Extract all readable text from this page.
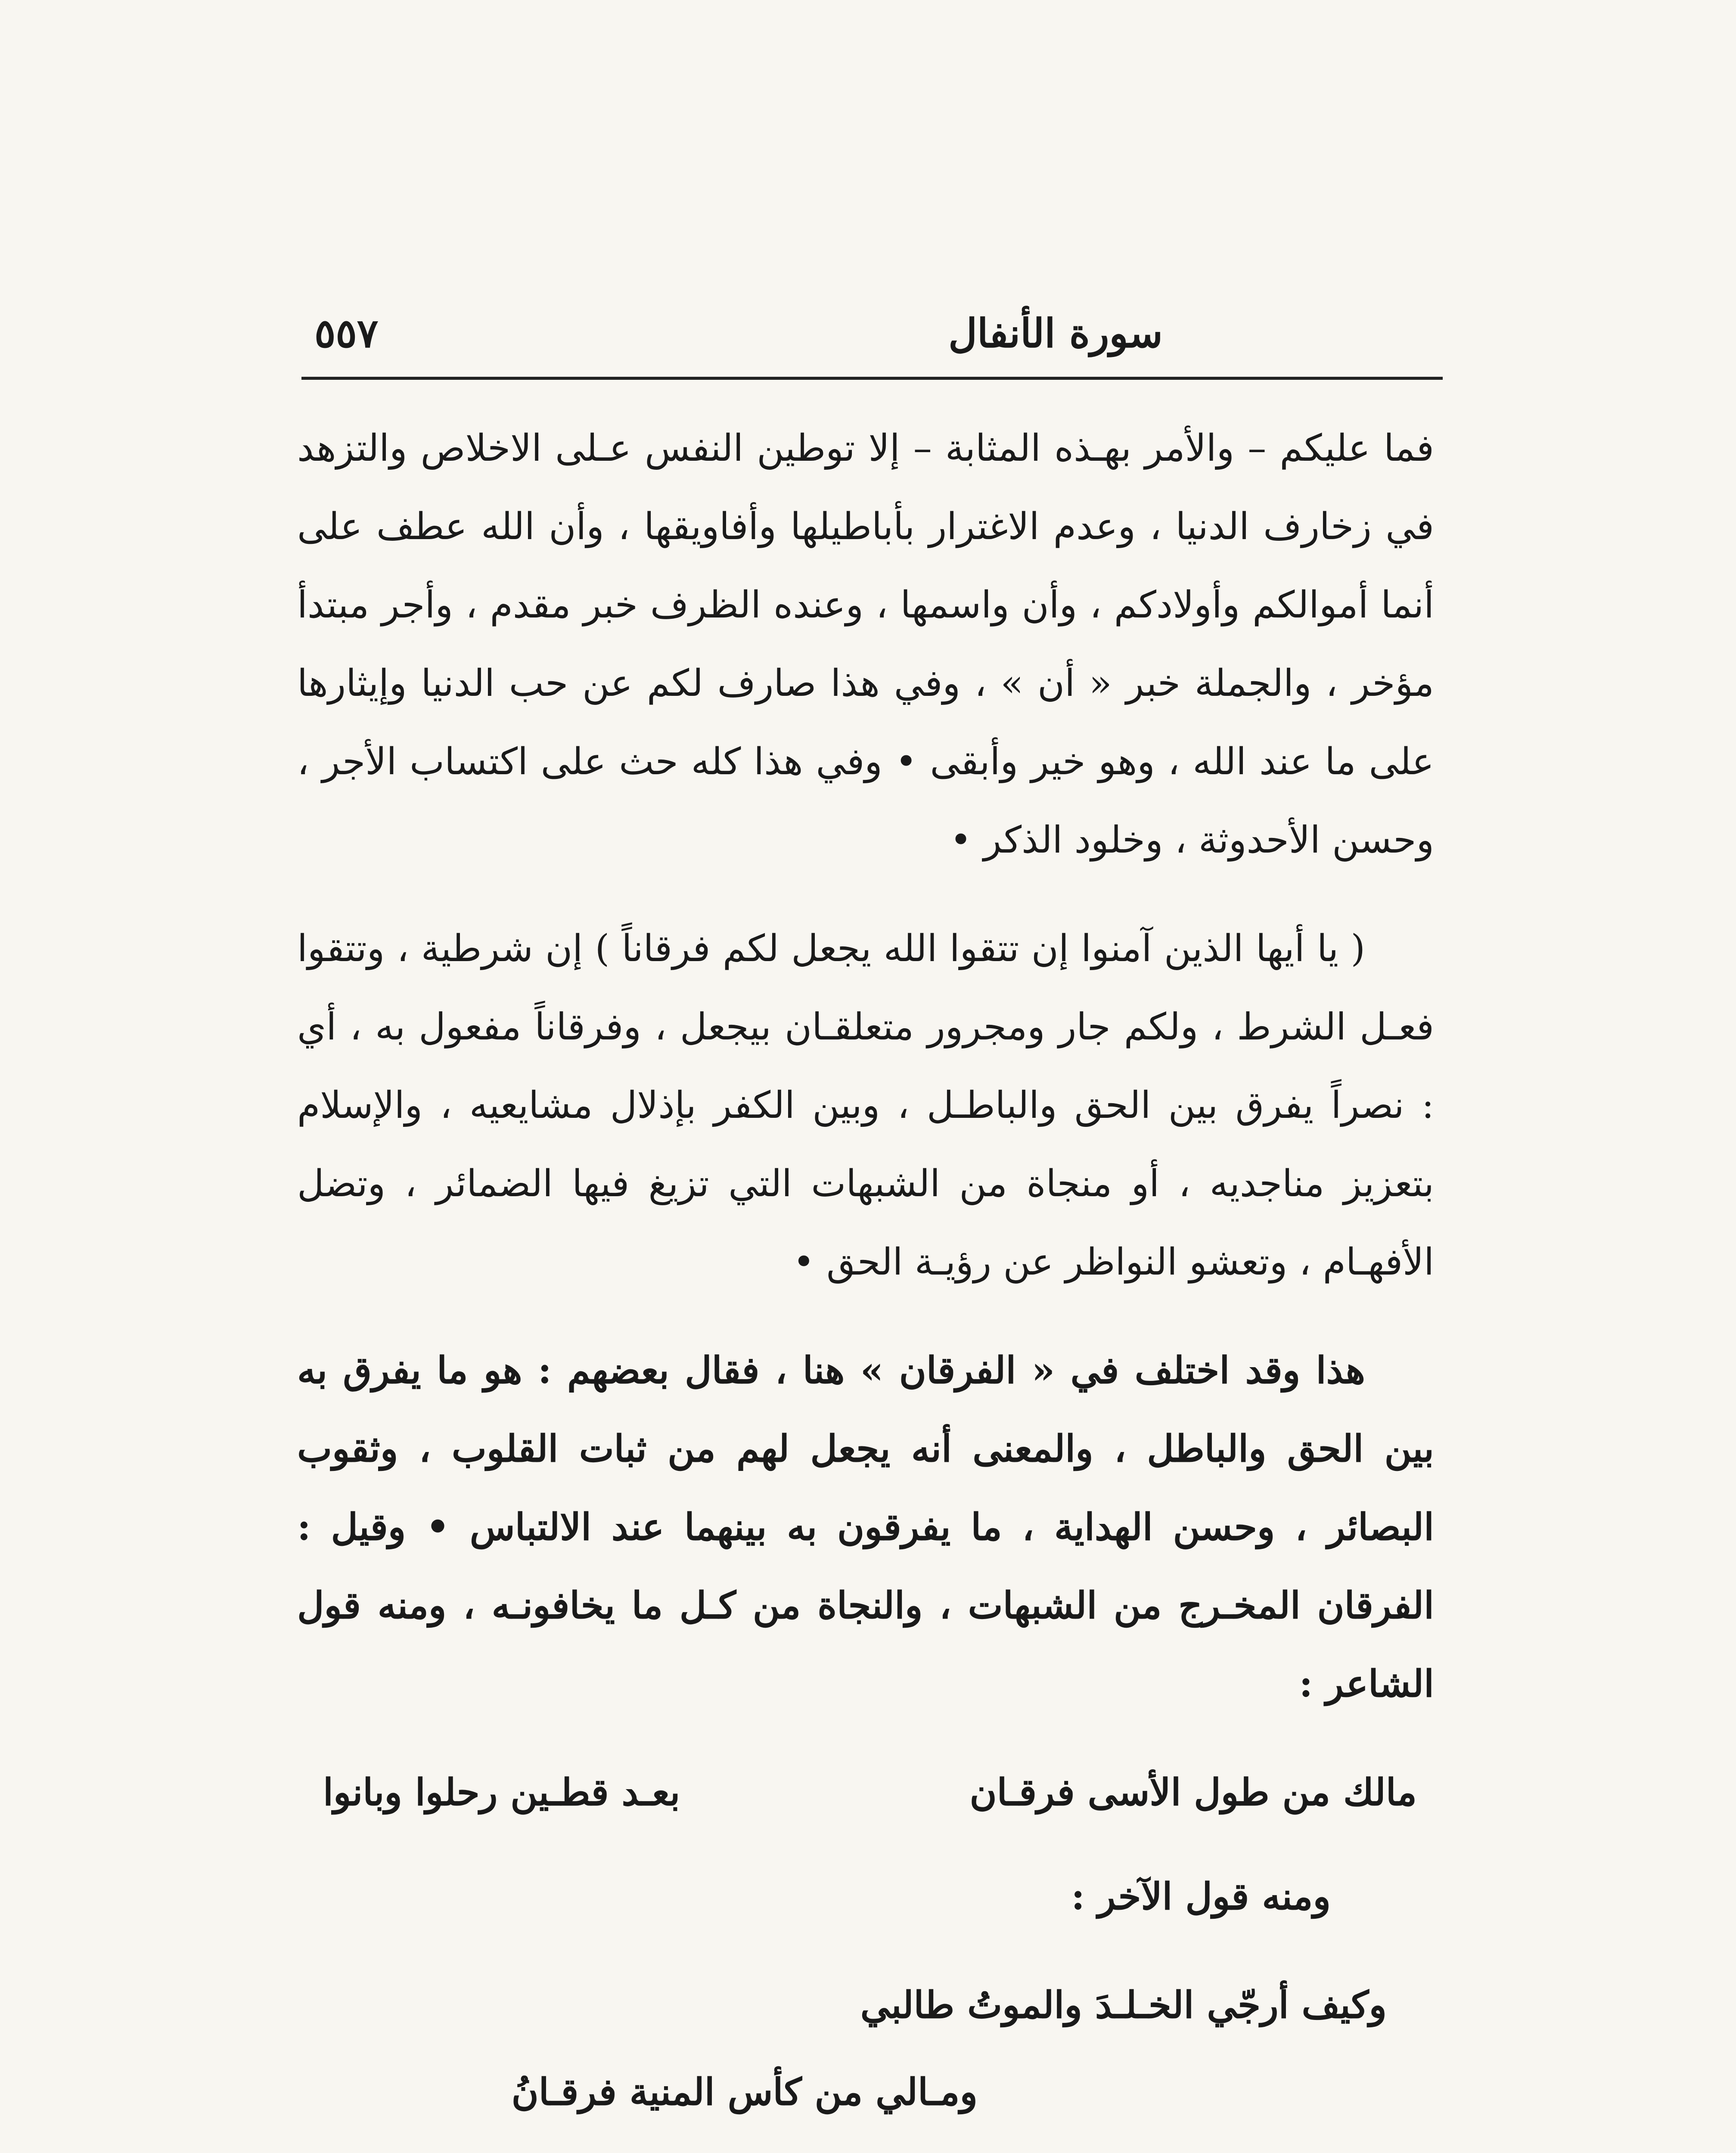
سورة الأنفال
٥٥٧

فما عليكم – والأمر بهـذه المثابة – إلا توطين النفس عـلى الاخلاص والتزهد في زخارف الدنيا ، وعدم الاغترار بأباطيلها وأفاويقها ، وأن الله عطف على أنما أموالكم وأولادكم ، وأن واسمها ، وعنده الظرف خبر مقدم ، وأجر مبتدأ مؤخر ، والجملة خبر « أن » ، وفي هذا صارف لكم عن حب الدنيا وإيثارها على ما عند الله ، وهو خير وأبقى • وفي هذا كله حث على اكتساب الأجر ، وحسن الأحدوثة ، وخلود الذكر •

( يا أيها الذين آمنوا إن تتقوا الله يجعل لكم فرقاناً ) إن شرطية ، وتتقوا فعـل الشرط ، ولكم جار ومجرور متعلقـان بيجعل ، وفرقاناً مفعول به ، أي : نصراً يفرق بين الحق والباطـل ، وبين الكفر بإذلال مشايعيه ، والإسلام بتعزيز مناجديه ، أو منجاة من الشبهات التي تزيغ فيها الضمائر ، وتضل الأفهـام ، وتعشو النواظر عن رؤيـة الحق •

هذا وقد اختلف في « الفرقان » هنا ، فقال بعضهم : هو ما يفرق به بين الحق والباطل ، والمعنى أنه يجعل لهم من ثبات القلوب ، وثقوب البصائر ، وحسن الهداية ، ما يفرقون به بينهما عند الالتباس • وقيل : الفرقان المخـرج من الشبهات ، والنجاة من كـل ما يخافونـه ، ومنه قول الشاعر :

مالك من طول الأسى فرقـان
بعـد قطـين رحلوا وبانوا
ومنه قول الآخر :
وكيف أرجّي الخـلـدَ والموتُ طالبي
ومـالي من كأس المنية فرقـانُ
